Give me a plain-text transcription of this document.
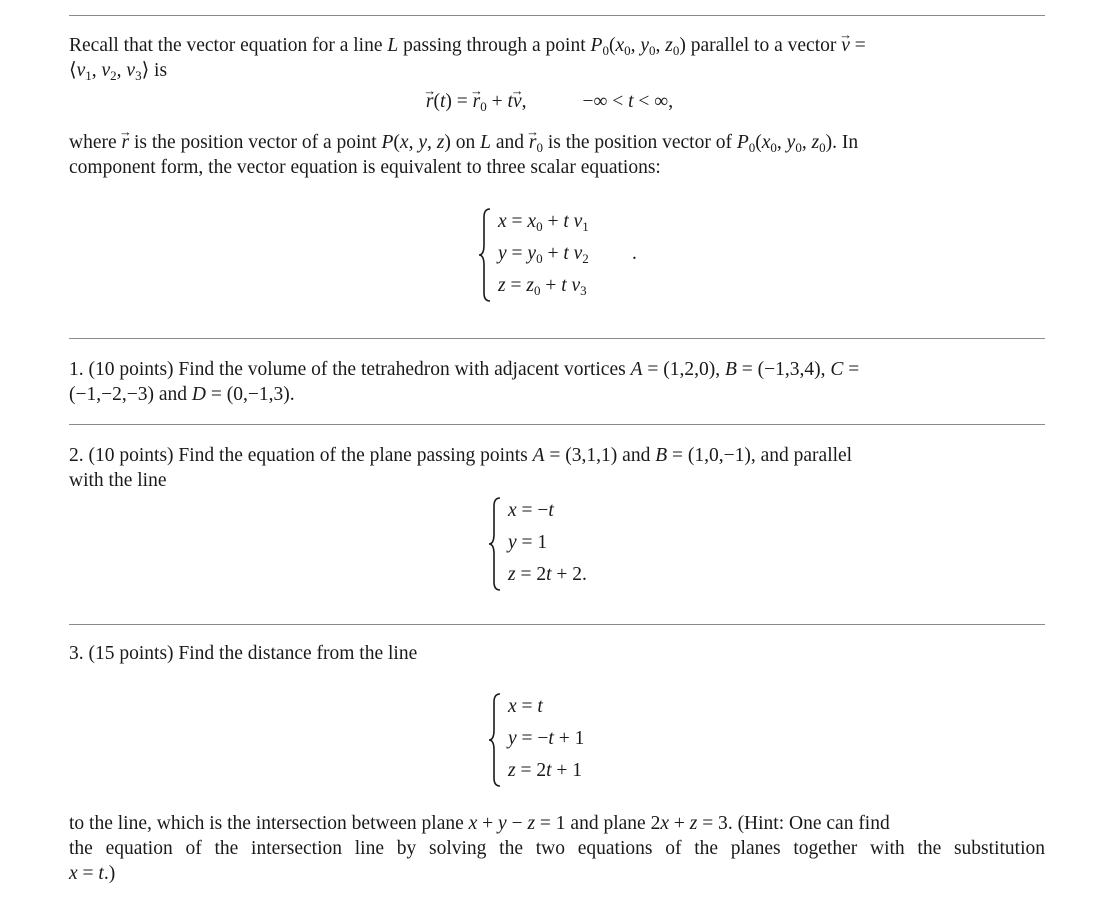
Recall that the vector equation for a line L passing through a point $P_0(x_0$, $y_0$, $z_0$) parallel to a vector → v =
$⟨v_1$, $v_2$, $v_3⟩$ is
→ r(t) = → $r_0 + t\to v$,	−∞ < t < ∞,
where → r is the position vector of a point P(x, y, z) on L and → $r_0$ is the position vector of $P_0(x_0$, $y_0$, $z_0$). In
component form, the vector equation is equivalent to three scalar equations:
$x = x_0 + t$ $v_1$
$y = y_0 + t$ $v_2$
$z = z_0 + t$ $v_3$
.
1. (10 points) Find the volume of the tetrahedron with adjacent vortices A = (1,2,0), B = (−1,3,4), C =
(−1,−2,−3) and D = (0,−1,3).
2. (10 points) Find the equation of the plane passing points A = (3,1,1) and B = (1,0,−1), and parallel
with the line
x = −t
y = 1
z = 2t + 2.
3. (15 points) Find the distance from the line
x = t
y = −t + 1
z = 2t + 1
to the line, which is the intersection between plane x + y − z = 1 and plane 2x + z = 3. (Hint: One can find
the equation of the intersection line by solving the two equations of the planes together with the substitution
x = t.)
